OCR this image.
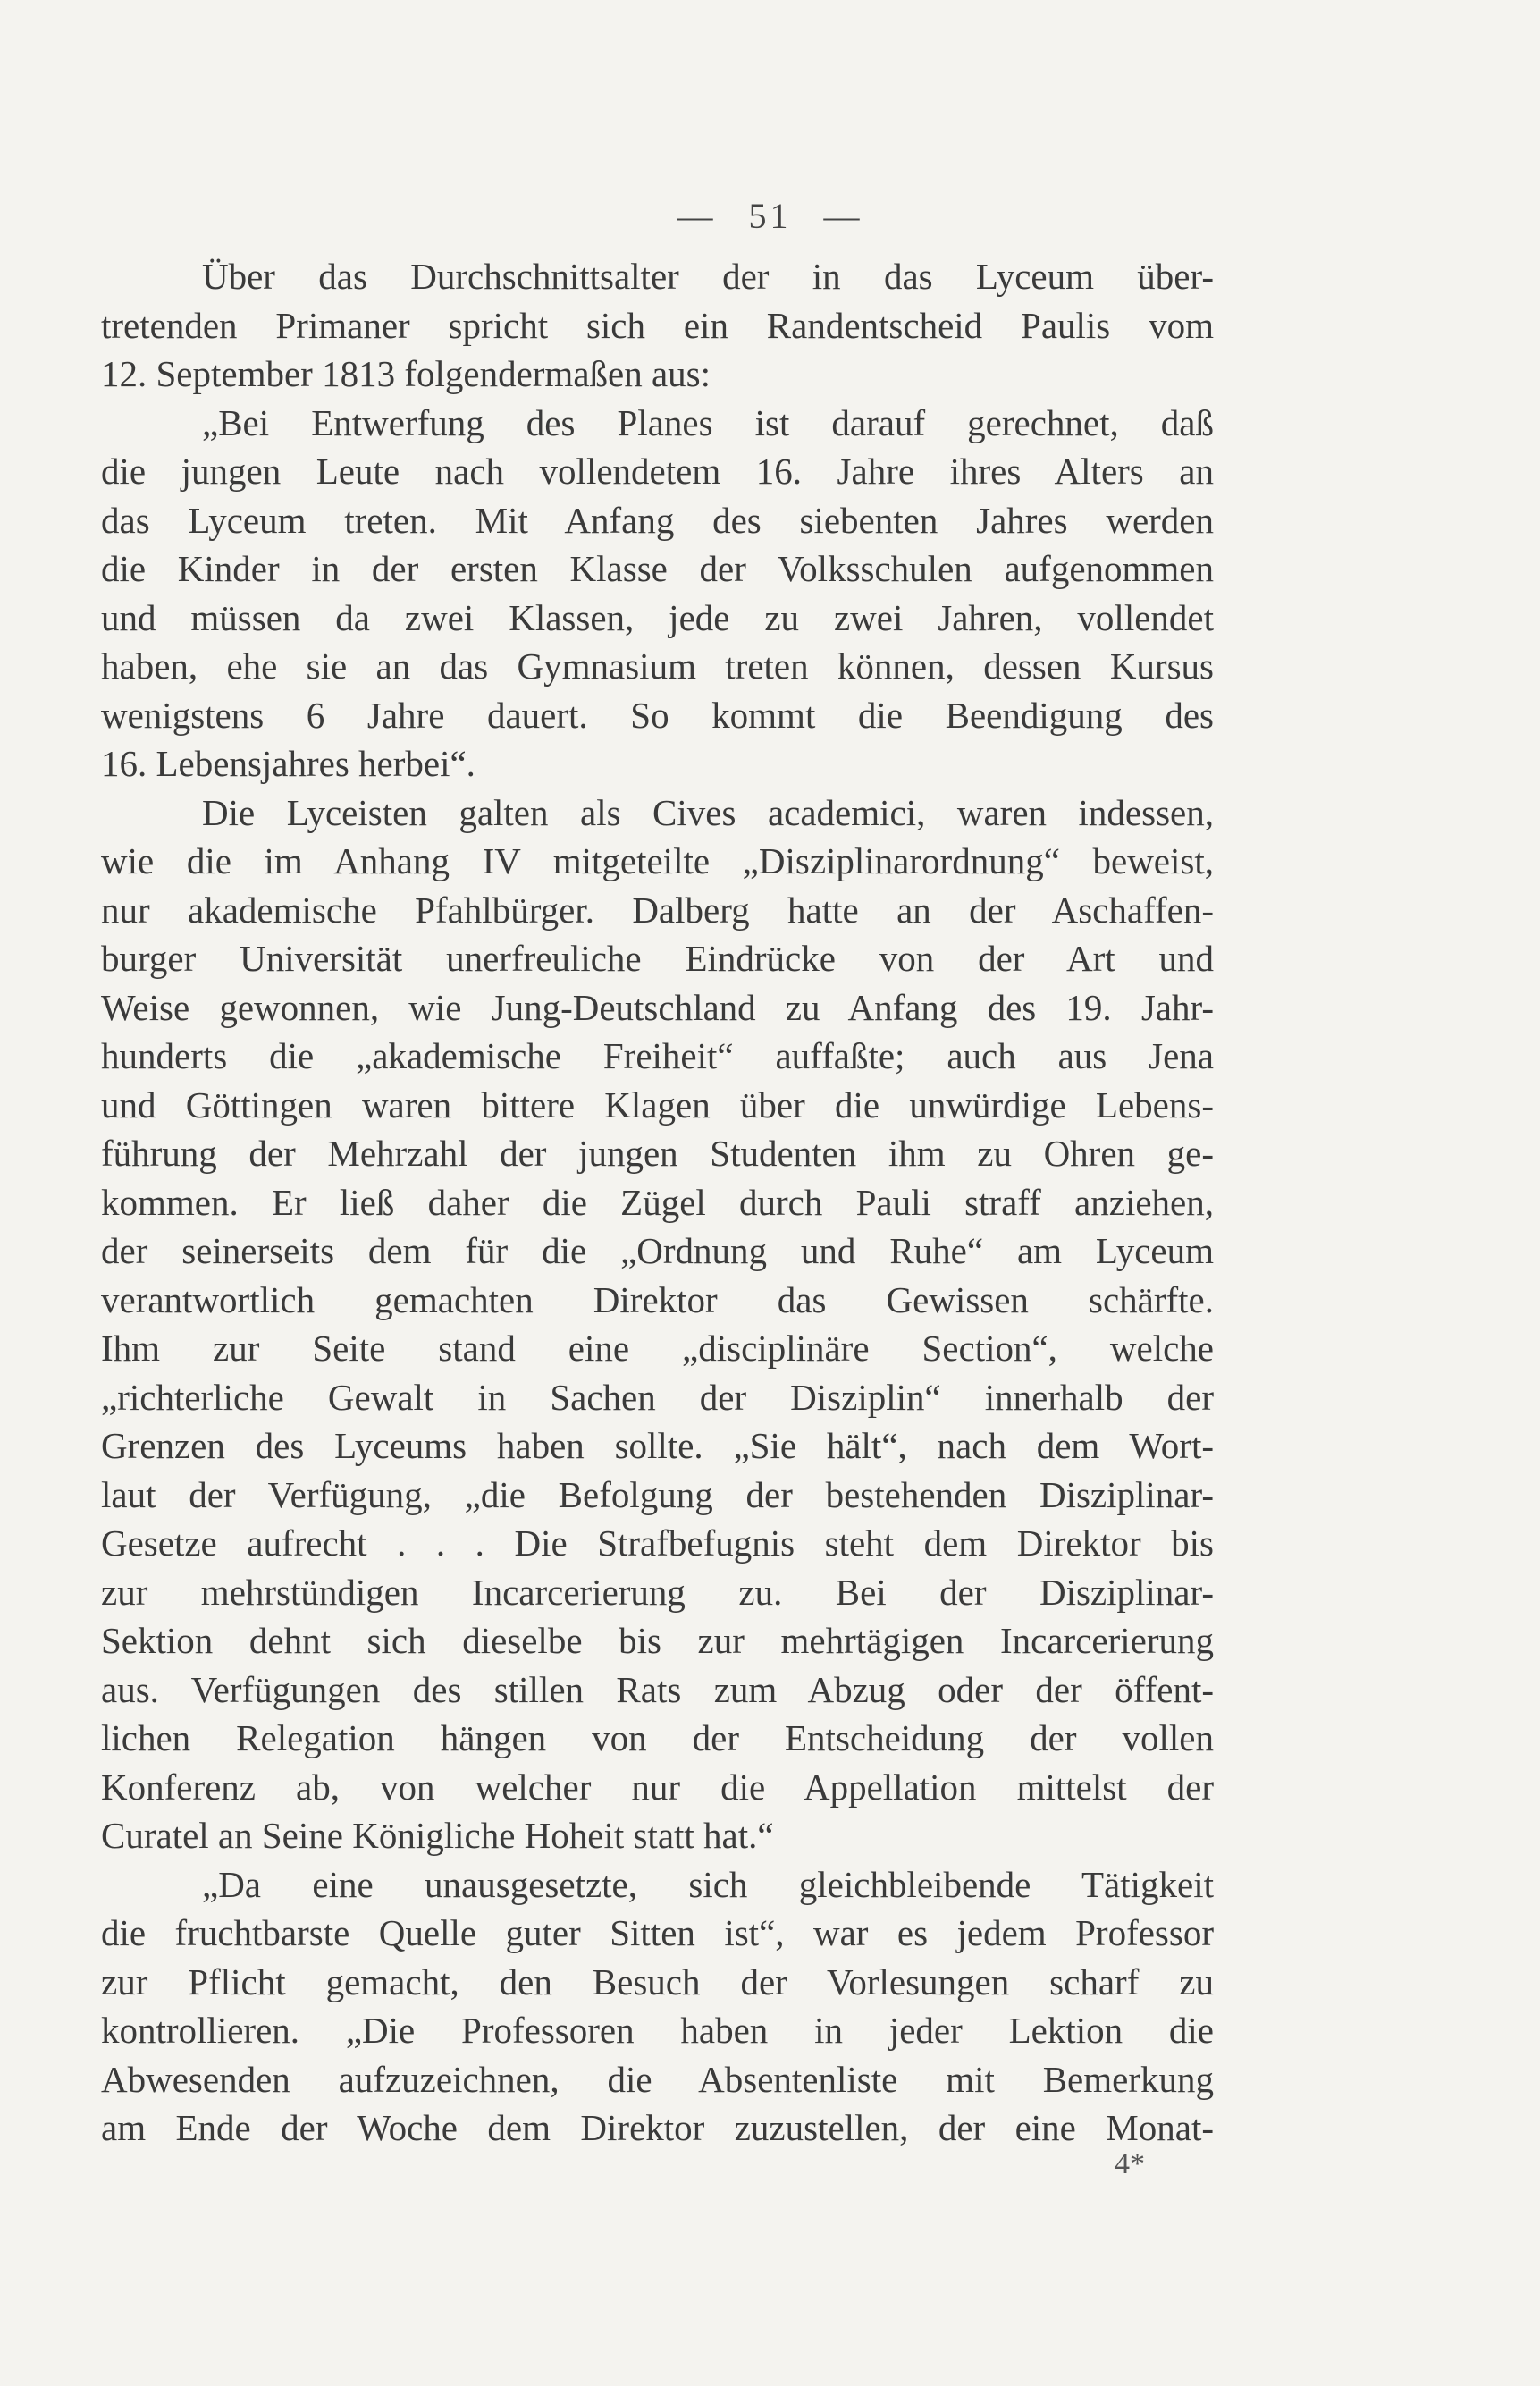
— 51 —
Über das Durchschnittsalter der in das Lyceum über-
tretenden Primaner spricht sich ein Randentscheid Paulis vom
12. September 1813 folgendermaßen aus:
„Bei Entwerfung des Planes ist darauf gerechnet, daß
die jungen Leute nach vollendetem 16. Jahre ihres Alters an
das Lyceum treten. Mit Anfang des siebenten Jahres werden
die Kinder in der ersten Klasse der Volksschulen aufgenommen
und müssen da zwei Klassen, jede zu zwei Jahren, vollendet
haben, ehe sie an das Gymnasium treten können, dessen Kursus
wenigstens 6 Jahre dauert. So kommt die Beendigung des
16. Lebensjahres herbei“.
Die Lyceisten galten als Cives academici, waren indessen,
wie die im Anhang IV mitgeteilte „Disziplinarordnung“ beweist,
nur akademische Pfahlbürger. Dalberg hatte an der Aschaffen-
burger Universität unerfreuliche Eindrücke von der Art und
Weise gewonnen, wie Jung-Deutschland zu Anfang des 19. Jahr-
hunderts die „akademische Freiheit“ auffaßte; auch aus Jena
und Göttingen waren bittere Klagen über die unwürdige Lebens-
führung der Mehrzahl der jungen Studenten ihm zu Ohren ge-
kommen. Er ließ daher die Zügel durch Pauli straff anziehen,
der seinerseits dem für die „Ordnung und Ruhe“ am Lyceum
verantwortlich gemachten Direktor das Gewissen schärfte.
Ihm zur Seite stand eine „disciplinäre Section“, welche
„richterliche Gewalt in Sachen der Disziplin“ innerhalb der
Grenzen des Lyceums haben sollte. „Sie hält“, nach dem Wort-
laut der Verfügung, „die Befolgung der bestehenden Disziplinar-
Gesetze aufrecht . . . Die Strafbefugnis steht dem Direktor bis
zur mehrstündigen Incarcerierung zu. Bei der Disziplinar-
Sektion dehnt sich dieselbe bis zur mehrtägigen Incarcerierung
aus. Verfügungen des stillen Rats zum Abzug oder der öffent-
lichen Relegation hängen von der Entscheidung der vollen
Konferenz ab, von welcher nur die Appellation mittelst der
Curatel an Seine Königliche Hoheit statt hat.“
„Da eine unausgesetzte, sich gleichbleibende Tätigkeit
die fruchtbarste Quelle guter Sitten ist“, war es jedem Professor
zur Pflicht gemacht, den Besuch der Vorlesungen scharf zu
kontrollieren. „Die Professoren haben in jeder Lektion die
Abwesenden aufzuzeichnen, die Absentenliste mit Bemerkung
am Ende der Woche dem Direktor zuzustellen, der eine Monat-
4*
